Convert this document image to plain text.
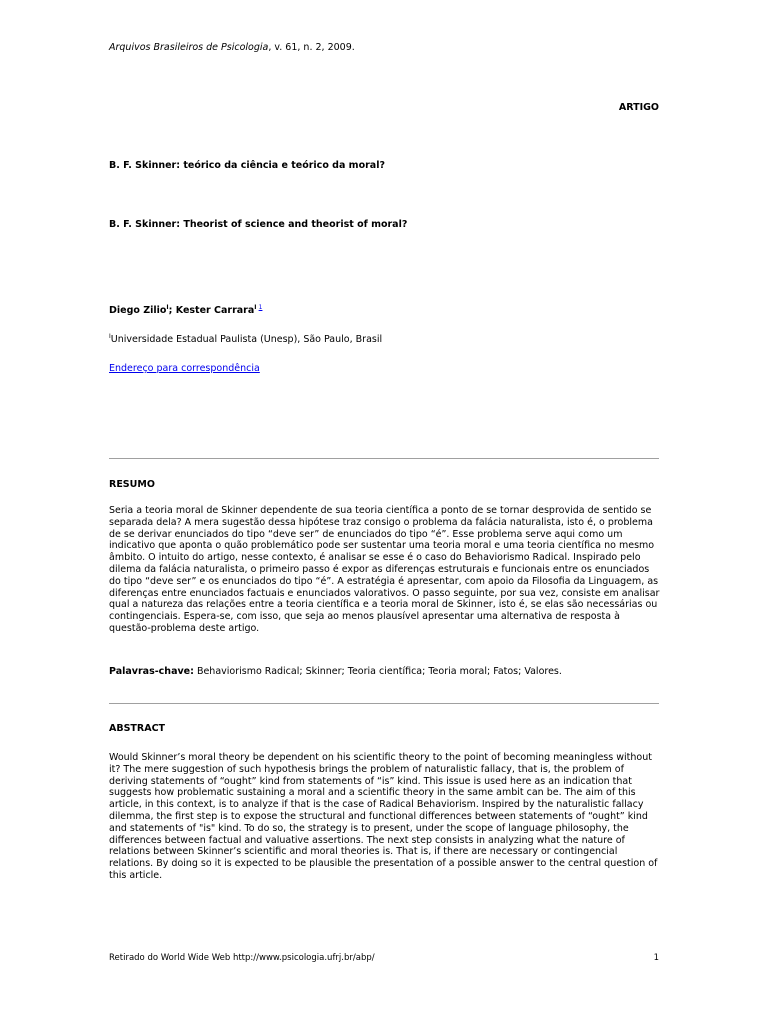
Arquivos Brasileiros de Psicologia, v. 61, n. 2, 2009.
ARTIGO
B. F. Skinner: teórico da ciência e teórico da moral?
B. F. Skinner: Theorist of science and theorist of moral?
Diego Zilio$^I$; Kester Carrara$^{I 1}$
$^I$Universidade Estadual Paulista (Unesp), São Paulo, Brasil
Endereço para correspondência
RESUMO

Seria a teoria moral de Skinner dependente de sua teoria científica a ponto de se tornar desprovida de sentido se separada dela? A mera sugestão dessa hipótese traz consigo o problema da falácia naturalista, isto é, o problema de se derivar enunciados do tipo “deve ser” de enunciados do tipo “é”. Esse problema serve aqui como um indicativo que aponta o quão problemático pode ser sustentar uma teoria moral e uma teoria científica no mesmo âmbito. O intuito do artigo, nesse contexto, é analisar se esse é o caso do Behaviorismo Radical. Inspirado pelo dilema da falácia naturalista, o primeiro passo é expor as diferenças estruturais e funcionais entre os enunciados do tipo “deve ser” e os enunciados do tipo “é”. A estratégia é apresentar, com apoio da Filosofia da Linguagem, as diferenças entre enunciados factuais e enunciados valorativos. O passo seguinte, por sua vez, consiste em analisar qual a natureza das relações entre a teoria científica e a teoria moral de Skinner, isto é, se elas são necessárias ou contingenciais. Espera-se, com isso, que seja ao menos plausível apresentar uma alternativa de resposta à questão-problema deste artigo.

Palavras-chave: Behaviorismo Radical; Skinner; Teoria científica; Teoria moral; Fatos; Valores.
ABSTRACT

Would Skinner’s moral theory be dependent on his scientific theory to the point of becoming meaningless without it? The mere suggestion of such hypothesis brings the problem of naturalistic fallacy, that is, the problem of deriving statements of “ought” kind from statements of “is” kind. This issue is used here as an indication that suggests how problematic sustaining a moral and a scientific theory in the same ambit can be. The aim of this article, in this context, is to analyze if that is the case of Radical Behaviorism. Inspired by the naturalistic fallacy dilemma, the first step is to expose the structural and functional differences between statements of “ought” kind and statements of "is" kind. To do so, the strategy is to present, under the scope of language philosophy, the differences between factual and valuative assertions. The next step consists in analyzing what the nature of relations between Skinner’s scientific and moral theories is. That is, if there are necessary or contingencial relations. By doing so it is expected to be plausible the presentation of a possible answer to the central question of this article.

Retirado do World Wide Web http://www.psicologia.ufrj.br/abp/	1
